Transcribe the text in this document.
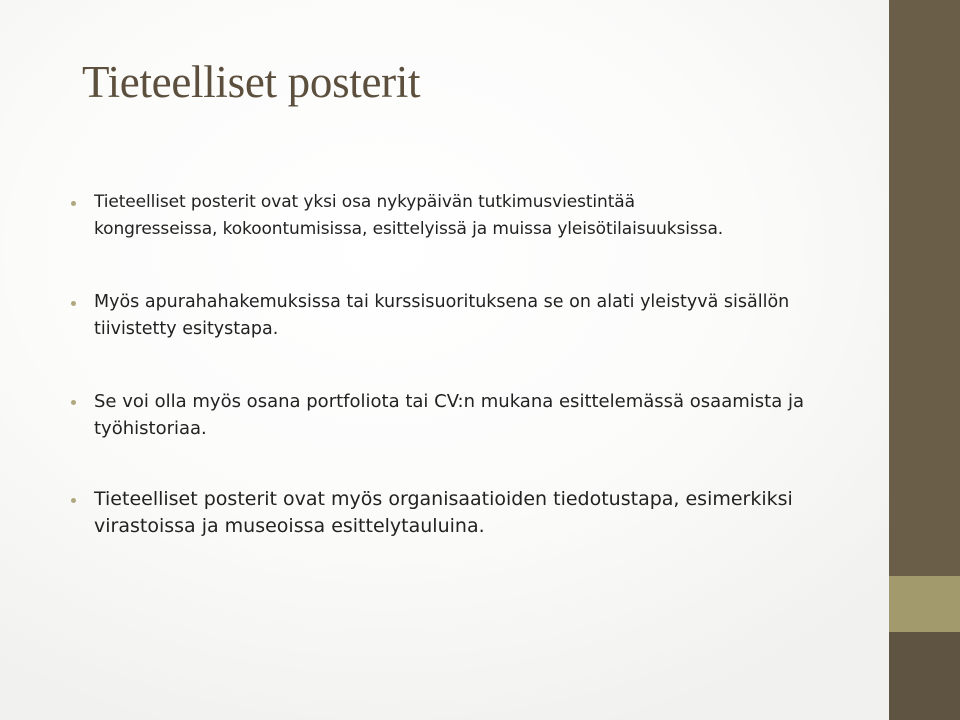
Tieteelliset posterit
Tieteelliset posterit ovat yksi osa nykypäivän tutkimusviestintää
kongresseissa, kokoontumisissa, esittelyissä ja muissa yleisötilaisuuksissa.
Myös apurahahakemuksissa tai kurssisuorituksena se on alati yleistyvä sisällön
tiivistetty esitystapa.
Se voi olla myös osana portfoliota tai CV:n mukana esittelemässä osaamista ja
työhistoriaa.
Tieteelliset posterit ovat myös organisaatioiden tiedotustapa, esimerkiksi
virastoissa ja museoissa esittelytauluina.
